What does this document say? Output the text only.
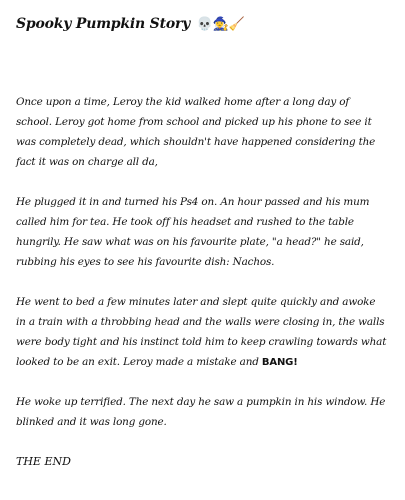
Spooky Pumpkin Story 💀🧙‍♀️🧹
Once upon a time, Leroy the kid walked home after a long day of school. Leroy got home from school and picked up his phone to see it was completely dead, which shouldn't have happened considering the fact it was on charge all da,
He plugged it in and turned his Ps4 on. An hour passed and his mum called him for tea. He took off his headset and rushed to the table hungrily. He saw what was on his favourite plate, "a head?" he said, rubbing his eyes to see his favourite dish: Nachos.
He went to bed a few minutes later and slept quite quickly and awoke in a train with a throbbing head and the walls were closing in, the walls were body tight and his instinct told him to keep crawling towards what looked to be an exit. Leroy made a mistake and BANG!
He woke up terrified. The next day he saw a pumpkin in his window. He blinked and it was long gone.
THE END
